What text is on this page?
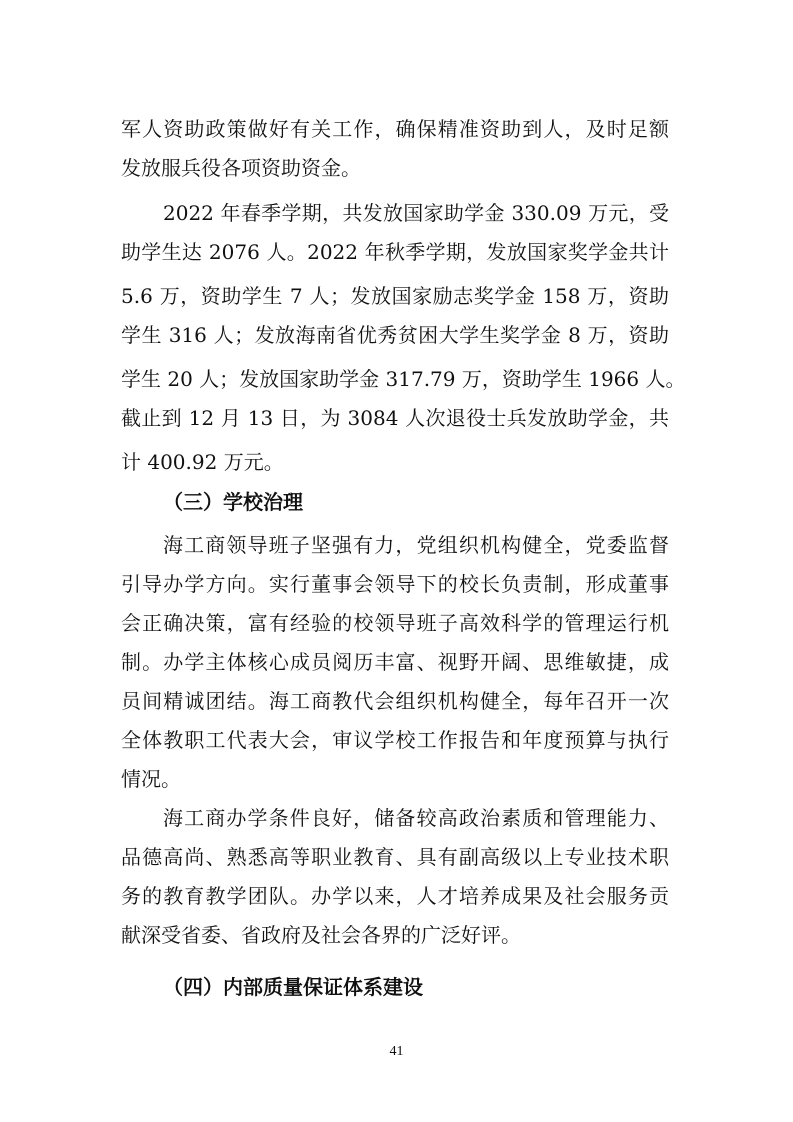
军人资助政策做好有关工作，确保精准资助到人，及时足额
发放服兵役各项资助资金。
2022 年春季学期，共发放国家助学金 330.09 万元，受
助学生达 2076 人。2022 年秋季学期，发放国家奖学金共计
5.6 万，资助学生 7 人；发放国家励志奖学金 158 万，资助
学生 316 人；发放海南省优秀贫困大学生奖学金 8 万，资助
学生 20 人；发放国家助学金 317.79 万，资助学生 1966 人。
截止到 12 月 13 日，为 3084 人次退役士兵发放助学金，共
计 400.92 万元。
（三）学校治理
海工商领导班子坚强有力，党组织机构健全，党委监督
引导办学方向。实行董事会领导下的校长负责制，形成董事
会正确决策，富有经验的校领导班子高效科学的管理运行机
制。办学主体核心成员阅历丰富、视野开阔、思维敏捷，成
员间精诚团结。海工商教代会组织机构健全，每年召开一次
全体教职工代表大会，审议学校工作报告和年度预算与执行
情况。
海工商办学条件良好，储备较高政治素质和管理能力、
品德高尚、熟悉高等职业教育、具有副高级以上专业技术职
务的教育教学团队。办学以来，人才培养成果及社会服务贡
献深受省委、省政府及社会各界的广泛好评。
（四）内部质量保证体系建设
41
